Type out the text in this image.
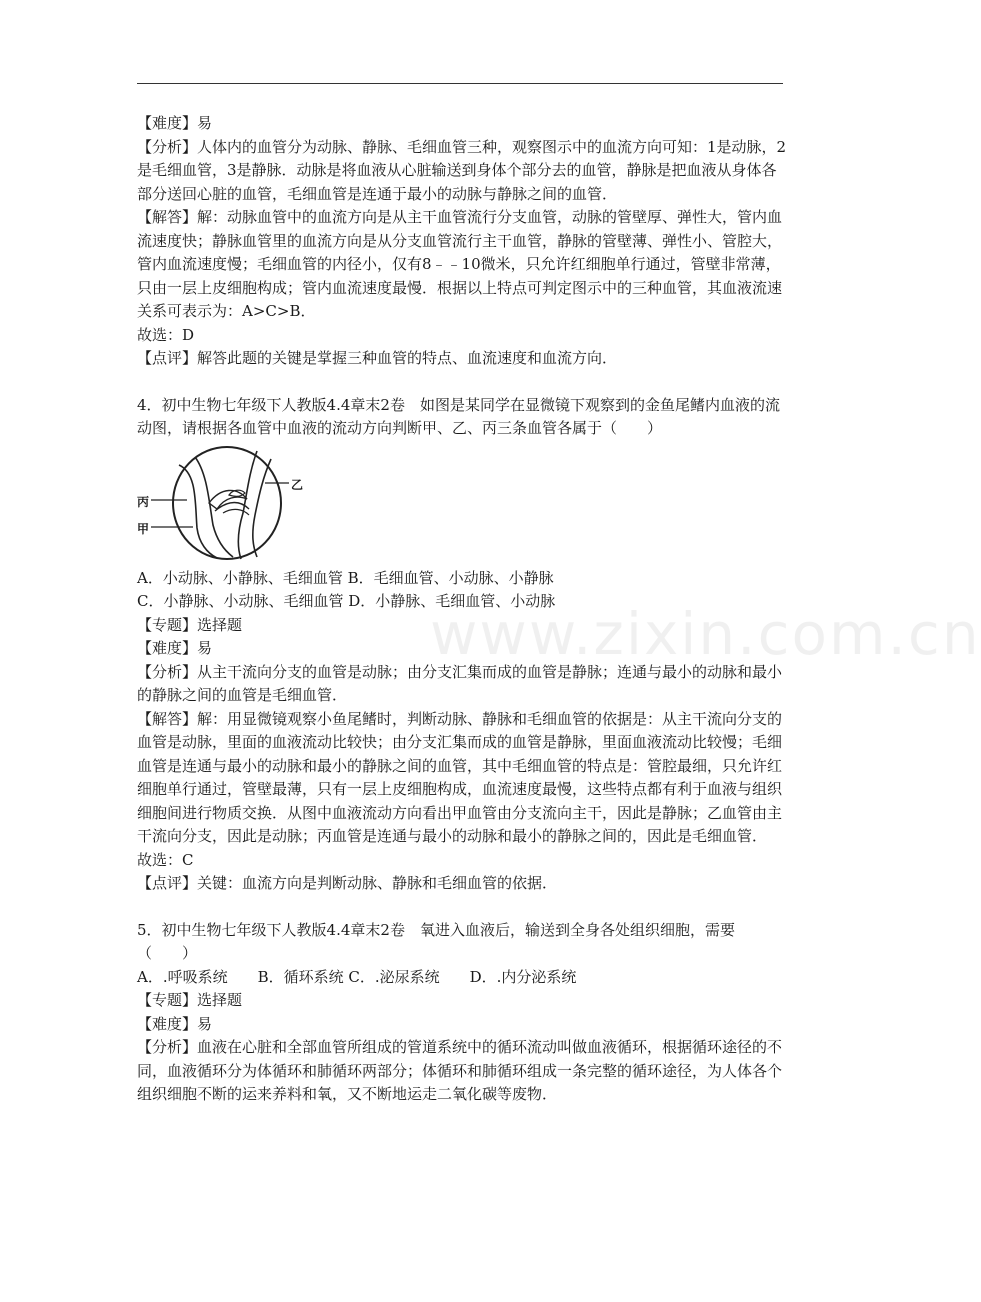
【难度】易

【分析】人体内的血管分为动脉、静脉、毛细血管三种，观察图示中的血流方向可知：1是动脉，2是毛细血管，3是静脉．动脉是将血液从心脏输送到身体个部分去的血管，静脉是把血液从身体各部分送回心脏的血管，毛细血管是连通于最小的动脉与静脉之间的血管．

【解答】解：动脉血管中的血流方向是从主干血管流行分支血管，动脉的管壁厚、弹性大，管内血流速度快；静脉血管里的血流方向是从分支血管流行主干血管，静脉的管壁薄、弹性小、管腔大，管内血流速度慢；毛细血管的内径小，仅有8﹣﹣10微米，只允许红细胞单行通过，管壁非常薄，只由一层上皮细胞构成；管内血流速度最慢．根据以上特点可判定图示中的三种血管，其血液流速关系可表示为：A>C>B．

故选：D

【点评】解答此题的关键是掌握三种血管的特点、血流速度和血流方向．

4．初中生物七年级下人教版4.4章末2卷　如图是某同学在显微镜下观察到的金鱼尾鳍内血液的流动图，请根据各血管中血液的流动方向判断甲、乙、丙三条血管各属于（　　）

丙
甲
乙

A．小动脉、小静脉、毛细血管 B．毛细血管、小动脉、小静脉

C．小静脉、小动脉、毛细血管 D．小静脉、毛细血管、小动脉

【专题】选择题

【难度】易

【分析】从主干流向分支的血管是动脉；由分支汇集而成的血管是静脉；连通与最小的动脉和最小的静脉之间的血管是毛细血管．

【解答】解：用显微镜观察小鱼尾鳍时，判断动脉、静脉和毛细血管的依据是：从主干流向分支的血管是动脉，里面的血液流动比较快；由分支汇集而成的血管是静脉，里面血液流动比较慢；毛细血管是连通与最小的动脉和最小的静脉之间的血管，其中毛细血管的特点是：管腔最细，只允许红细胞单行通过，管壁最薄，只有一层上皮细胞构成，血流速度最慢，这些特点都有利于血液与组织细胞间进行物质交换．从图中血液流动方向看出甲血管由分支流向主干，因此是静脉；乙血管由主干流向分支，因此是动脉；丙血管是连通与最小的动脉和最小的静脉之间的，因此是毛细血管．

故选：C

【点评】关键：血流方向是判断动脉、静脉和毛细血管的依据．

5．初中生物七年级下人教版4.4章末2卷　氧进入血液后，输送到全身各处组织细胞，需要（　　）

A．.呼吸系统　　B．循环系统 C．.泌尿系统　　D．.内分泌系统

【专题】选择题

【难度】易

【分析】血液在心脏和全部血管所组成的管道系统中的循环流动叫做血液循环，根据循环途径的不同，血液循环分为体循环和肺循环两部分；体循环和肺循环组成一条完整的循环途径，为人体各个组织细胞不断的运来养料和氧，又不断地运走二氧化碳等废物．

www.zixin.com.cn
